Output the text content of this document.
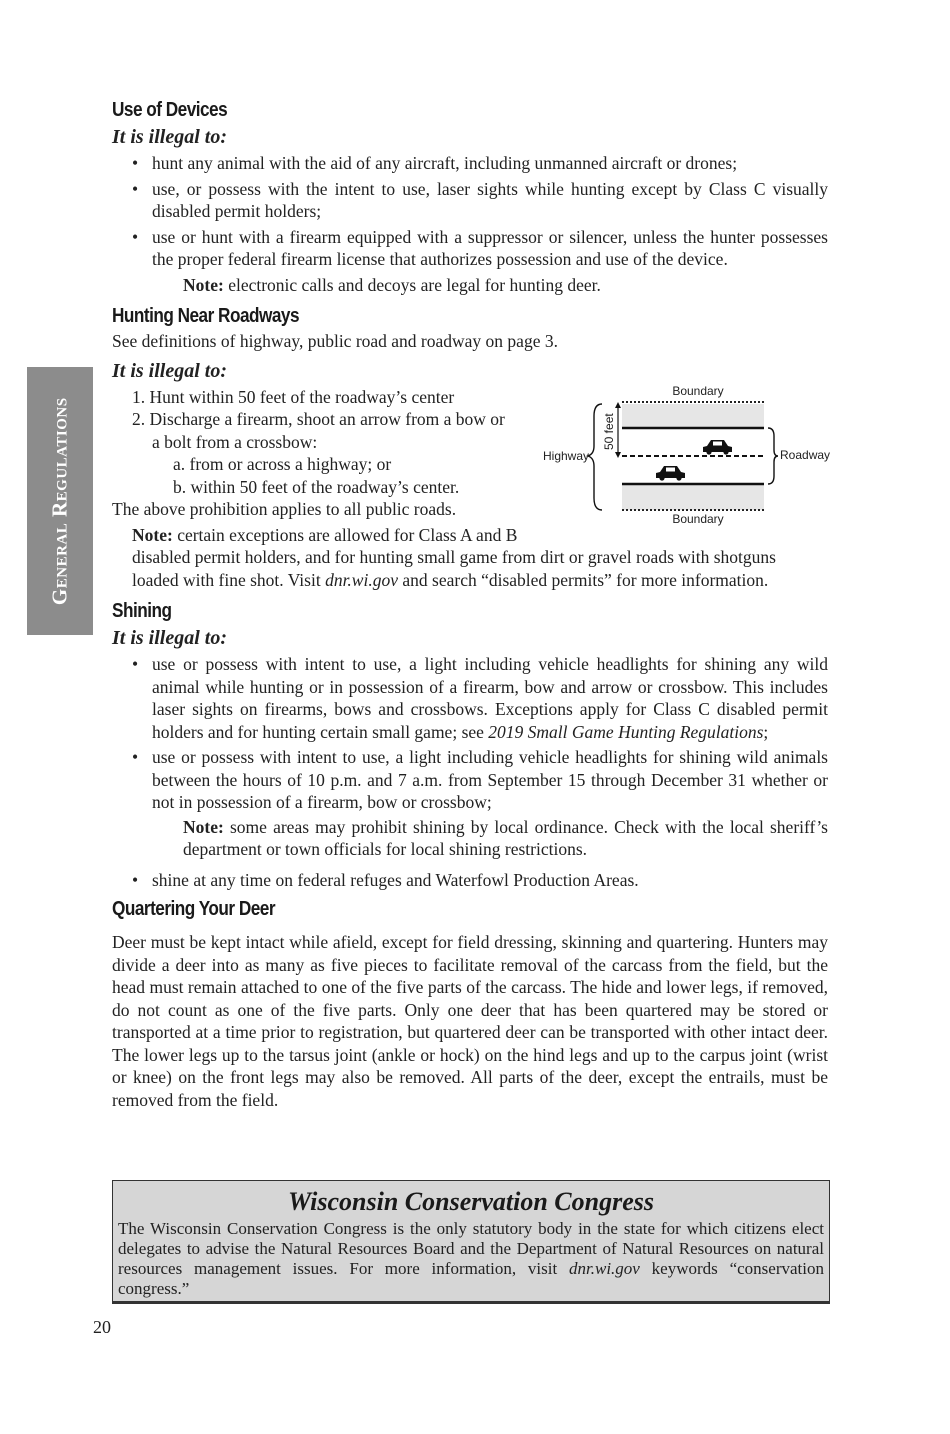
General Regulations
Use of Devices
It is illegal to:
• hunt any animal with the aid of any aircraft, including unmanned aircraft or drones;
• use, or possess with the intent to use, laser sights while hunting except by Class C visually disabled permit holders;
• use or hunt with a firearm equipped with a suppressor or silencer, unless the hunter possesses the proper federal firearm license that authorizes possession and use of the device.

Note: electronic calls and decoys are legal for hunting deer.

Hunting Near Roadways

See definitions of highway, public road and roadway on page 3.

It is illegal to:
1. Hunt within 50 feet of the roadway’s center
2. Discharge a firearm, shoot an arrow from a bow or
a bolt from a crossbow:
a. from or across a highway; or
b. within 50 feet of the roadway’s center.

The above prohibition applies to all public roads.

Note: certain exceptions are allowed for Class A and B
disabled permit holders, and for hunting small game from dirt or gravel roads with shotguns
loaded with fine shot. Visit dnr.wi.gov and search “disabled permits” for more information.
Shining
It is illegal to:
• use or possess with intent to use, a light including vehicle headlights for shining any wild animal while hunting or in possession of a firearm, bow and arrow or crossbow. This includes laser sights on firearms, bows and crossbows. Exceptions apply for Class C disabled permit holders and for hunting certain small game; see 2019 Small Game Hunting Regulations;
• use or possess with intent to use, a light including vehicle headlights for shining wild animals between the hours of 10 p.m. and 7 a.m. from September 15 through December 31 whether or not in possession of a firearm, bow or crossbow;

Note: some areas may prohibit shining by local ordinance. Check with the local sheriff’s department or town officials for local shining restrictions.

• shine at any time on federal refuges and Waterfowl Production Areas.
Quartering Your Deer

Deer must be kept intact while afield, except for field dressing, skinning and quartering. Hunters may divide a deer into as many as five pieces to facilitate removal of the carcass from the field, but the head must remain attached to one of the five parts of the carcass. The hide and lower legs, if removed, do not count as one of the five parts. Only one deer that has been quartered may be stored or transported at a time prior to registration, but quartered deer can be transported with other intact deer. The lower legs up to the tarsus joint (ankle or hock) on the hind legs and up to the carpus joint (wrist or knee) on the front legs may also be removed. All parts of the deer, except the entrails, must be removed from the field.

Boundary
Boundary
Highway	Roadway
50 feet
Wisconsin Conservation Congress

The Wisconsin Conservation Congress is the only statutory body in the state for which citizens elect delegates to advise the Natural Resources Board and the Department of Natural Resources on natural resources management issues. For more information, visit dnr.wi.gov keywords “conservation congress.”

20
